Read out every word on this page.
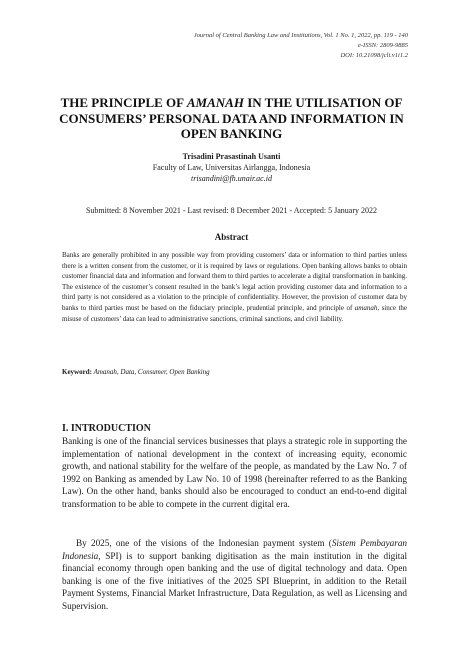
Journal of Central Banking Law and Institutions, Vol. 1 No. 1, 2022, pp. 119 - 140
e-ISSN: 2809-9885
DOI: 10.21098/jcli.v1i1.2
THE PRINCIPLE OF AMANAH IN THE UTILISATION OF CONSUMERS’ PERSONAL DATA AND INFORMATION IN OPEN BANKING
Trisadini Prasastinah Usanti
Faculty of Law, Universitas Airlangga, Indonesia
trisandini@fh.unair.ac.id
Submitted: 8 November 2021 - Last revised: 8 December 2021 - Accepted: 5 January 2022
Abstract

Banks are generally prohibited in any possible way from providing customers’ data or information to third parties unless there is a written consent from the customer, or it is required by laws or regulations. Open banking allows banks to obtain customer financial data and information and forward them to third parties to accelerate a digital transformation in banking. The existence of the customer’s consent resulted in the bank’s legal action providing customer data and information to a third party is not considered as a violation to the principle of confidentiality. However, the provision of customer data by banks to third parties must be based on the fiduciary principle, prudential principle, and principle of amanah, since the misuse of customers’ data can lead to administrative sanctions, criminal sanctions, and civil liability.

Keyword: Amanah, Data, Consumer, Open Banking
I. INTRODUCTION

Banking is one of the financial services businesses that plays a strategic role in supporting the implementation of national development in the context of increasing equity, economic growth, and national stability for the welfare of the people, as mandated by the Law No. 7 of 1992 on Banking as amended by Law No. 10 of 1998 (hereinafter referred to as the Banking Law). On the other hand, banks should also be encouraged to conduct an end-to-end digital transformation to be able to compete in the current digital era.

By 2025, one of the visions of the Indonesian payment system (Sistem Pembayaran Indonesia, SPI) is to support banking digitisation as the main institution in the digital financial economy through open banking and the use of digital technology and data. Open banking is one of the five initiatives of the 2025 SPI Blueprint, in addition to the Retail Payment Systems, Financial Market Infrastructure, Data Regulation, as well as Licensing and Supervision.
